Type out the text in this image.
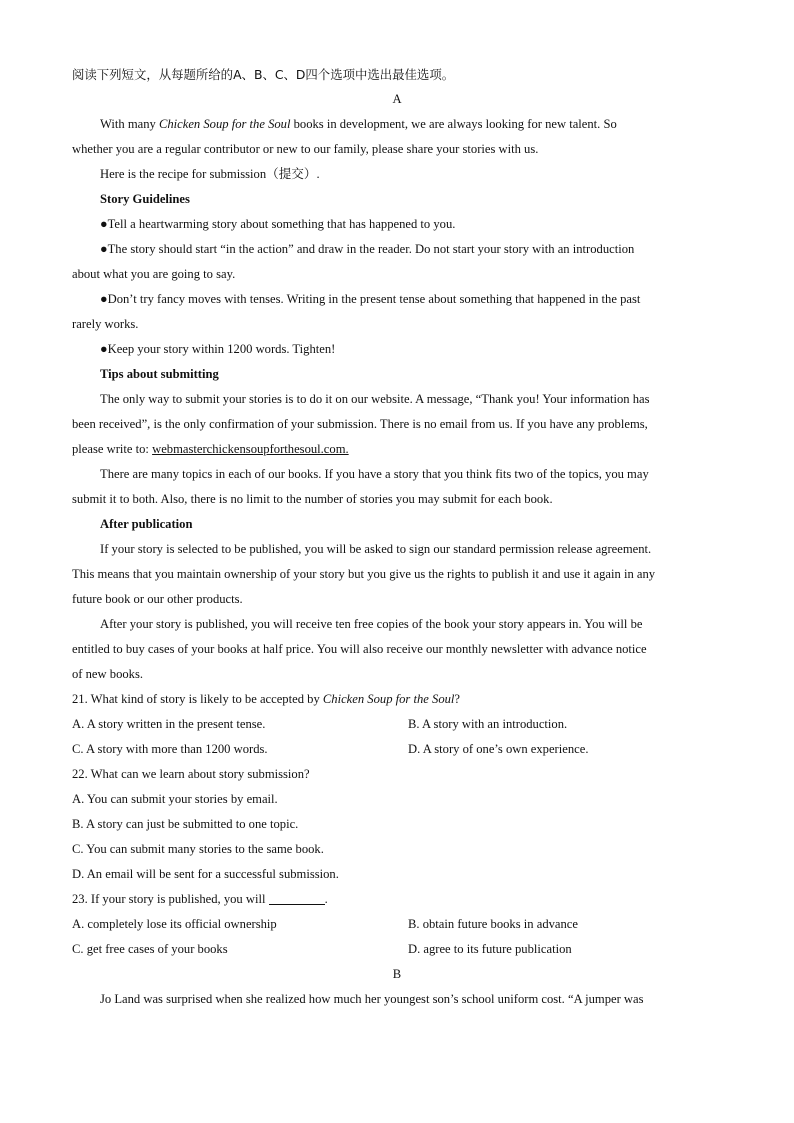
阅读下列短文，从每题所给的A、B、C、D四个选项中选出最佳选项。
A
With many Chicken Soup for the Soul books in development, we are always looking for new talent. So
whether you are a regular contributor or new to our family, please share your stories with us.
Here is the recipe for submission（提交）.
Story Guidelines
●Tell a heartwarming story about something that has happened to you.
●The story should start “in the action” and draw in the reader. Do not start your story with an introduction
about what you are going to say.
●Don’t try fancy moves with tenses. Writing in the present tense about something that happened in the past
rarely works.
●Keep your story within 1200 words. Tighten!
Tips about submitting
The only way to submit your stories is to do it on our website. A message, “Thank you! Your information has
been received”, is the only confirmation of your submission. There is no email from us. If you have any problems,
please write to: webmasterchickensoupforthesoul.com.
There are many topics in each of our books. If you have a story that you think fits two of the topics, you may
submit it to both. Also, there is no limit to the number of stories you may submit for each book.
After publication
If your story is selected to be published, you will be asked to sign our standard permission release agreement.
This means that you maintain ownership of your story but you give us the rights to publish it and use it again in any
future book or our other products.
After your story is published, you will receive ten free copies of the book your story appears in. You will be
entitled to buy cases of your books at half price. You will also receive our monthly newsletter with advance notice
of new books.
21. What kind of story is likely to be accepted by Chicken Soup for the Soul?
A. A story written in the present tense.	B. A story with an introduction.
C. A story with more than 1200 words.	D. A story of one’s own experience.
22. What can we learn about story submission?
A. You can submit your stories by email.
B. A story can just be submitted to one topic.
C. You can submit many stories to the same book.
D. An email will be sent for a successful submission.
23. If your story is published, you will	.
A. completely lose its official ownership	B. obtain future books in advance
C. get free cases of your books	D. agree to its future publication
B
Jo Land was surprised when she realized how much her youngest son’s school uniform cost. “A jumper was
